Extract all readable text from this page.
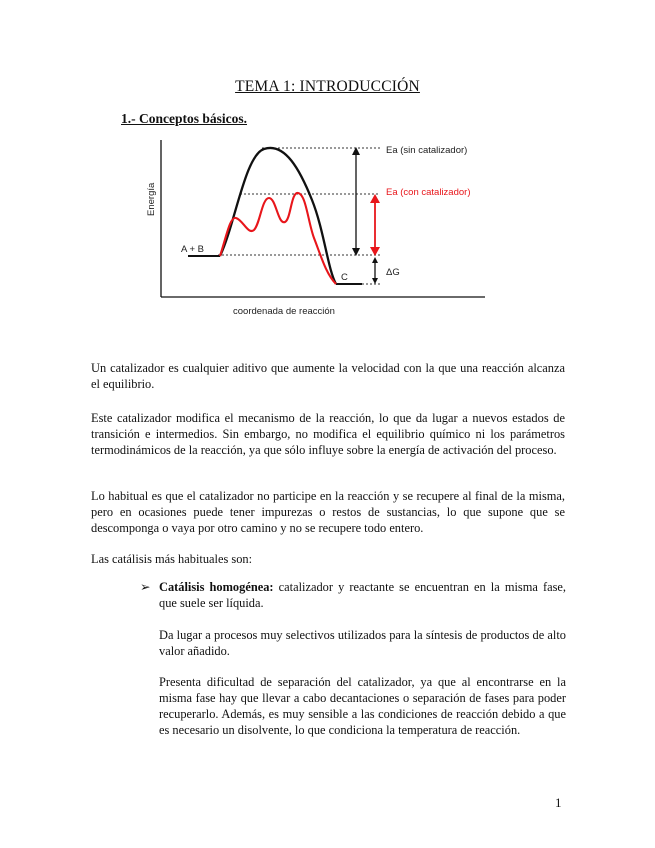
TEMA 1: INTRODUCCIÓN
1.- Conceptos básicos.
Energía
coordenada de reacción
A + B
C
Ea (sin catalizador)
Ea (con catalizador)
ΔG

Un catalizador es cualquier aditivo que aumente la velocidad con la que una reacción alcanza el equilibrio.

Este catalizador modifica el mecanismo de la reacción, lo que da lugar a nuevos estados de transición e intermedios. Sin embargo, no modifica el equilibrio químico ni los parámetros termodinámicos de la reacción, ya que sólo influye sobre la energía de activación del proceso.

Lo habitual es que el catalizador no participe en la reacción y se recupere al final de la misma, pero en ocasiones puede tener impurezas o restos de sustancias, lo que supone que se descomponga o vaya por otro camino y no se recupere todo entero.

Las catálisis más habituales son:

➢ Catálisis homogénea: catalizador y reactante se encuentran en la misma fase, que suele ser líquida.

Da lugar a procesos muy selectivos utilizados para la síntesis de productos de alto valor añadido.

Presenta dificultad de separación del catalizador, ya que al encontrarse en la misma fase hay que llevar a cabo decantaciones o separación de fases para poder recuperarlo. Además, es muy sensible a las condiciones de reacción debido a que es necesario un disolvente, lo que condiciona la temperatura de reacción.

1
